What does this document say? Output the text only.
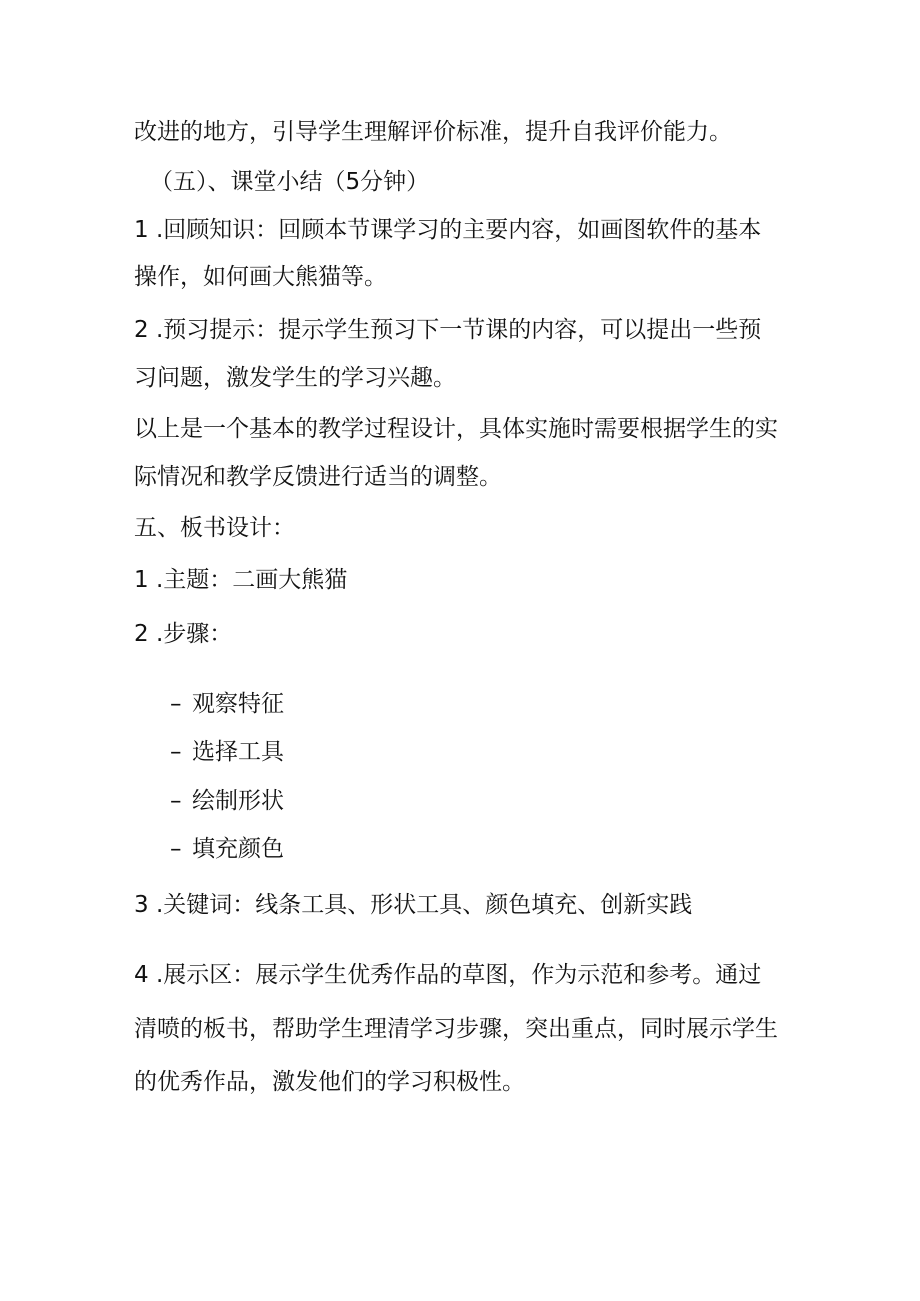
改进的地方，引导学生理解评价标准，提升自我评价能力。
（五）、课堂小结（5分钟）
1 .回顾知识：回顾本节课学习的主要内容，如画图软件的基本
操作，如何画大熊猫等。
2 .预习提示：提示学生预习下一节课的内容，可以提出一些预
习问题，激发学生的学习兴趣。
以上是一个基本的教学过程设计，具体实施时需要根据学生的实
际情况和教学反馈进行适当的调整。
五、板书设计：
1 .主题：二画大熊猫
2 .步骤：
– 观察特征
– 选择工具
– 绘制形状
– 填充颜色
3 .关键词：线条工具、形状工具、颜色填充、创新实践
4 .展示区：展示学生优秀作品的草图，作为示范和参考。通过
清喷的板书，帮助学生理清学习步骤，突出重点，同时展示学生
的优秀作品，激发他们的学习积极性。
